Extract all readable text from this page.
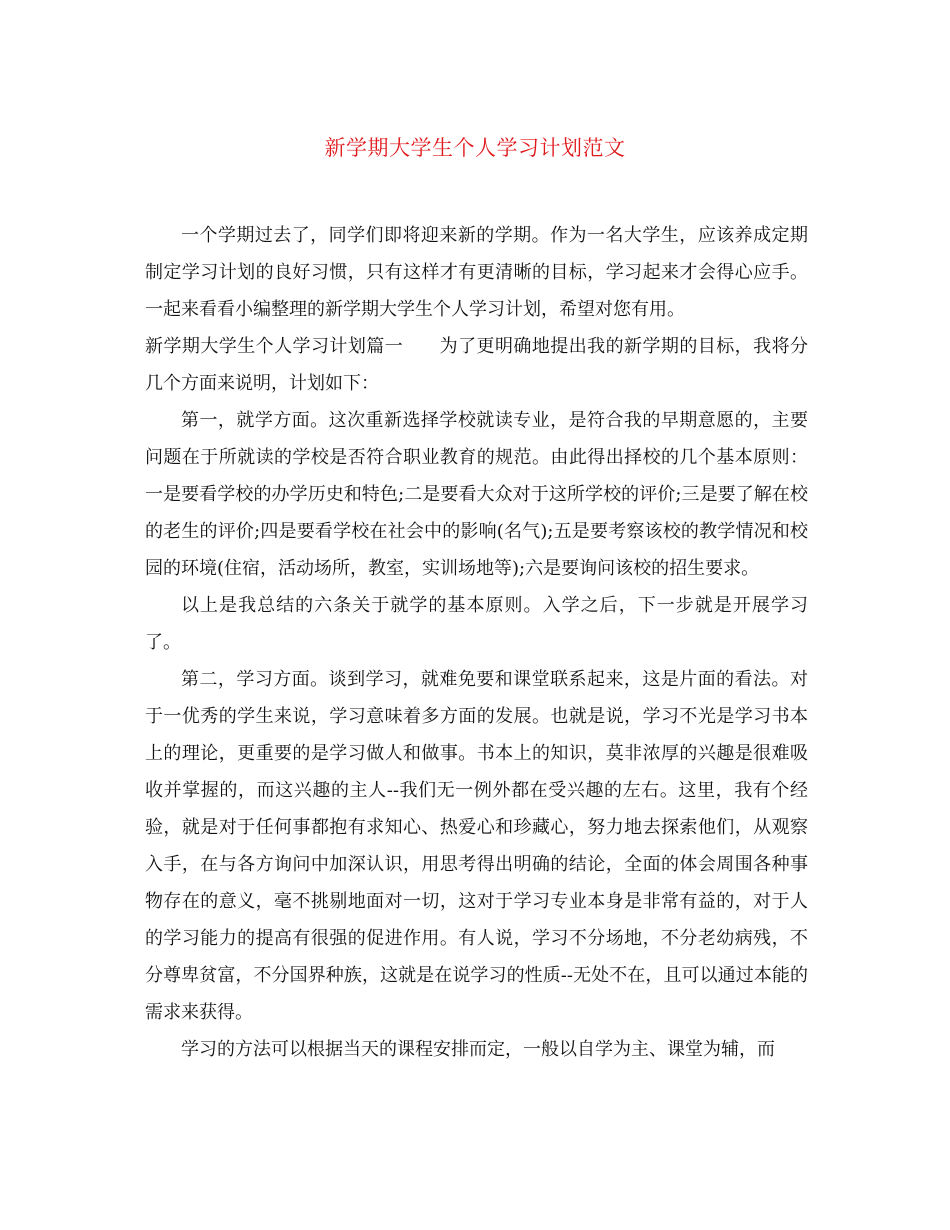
新学期大学生个人学习计划范文

一个学期过去了，同学们即将迎来新的学期。作为一名大学生，应该养成定期制定学习计划的良好习惯，只有这样才有更清晰的目标，学习起来才会得心应手。一起来看看小编整理的新学期大学生个人学习计划，希望对您有用。

新学期大学生个人学习计划篇一 为了更明确地提出我的新学期的目标，我将分几个方面来说明，计划如下：

第一，就学方面。这次重新选择学校就读专业，是符合我的早期意愿的，主要问题在于所就读的学校是否符合职业教育的规范。由此得出择校的几个基本原则：一是要看学校的办学历史和特色;二是要看大众对于这所学校的评价;三是要了解在校的老生的评价;四是要看学校在社会中的影响(名气);五是要考察该校的教学情况和校园的环境(住宿，活动场所，教室，实训场地等);六是要询问该校的招生要求。

以上是我总结的六条关于就学的基本原则。入学之后，下一步就是开展学习了。

第二，学习方面。谈到学习，就难免要和课堂联系起来，这是片面的看法。对于一优秀的学生来说，学习意味着多方面的发展。也就是说，学习不光是学习书本上的理论，更重要的是学习做人和做事。书本上的知识，莫非浓厚的兴趣是很难吸收并掌握的，而这兴趣的主人--我们无一例外都在受兴趣的左右。这里，我有个经验，就是对于任何事都抱有求知心、热爱心和珍藏心，努力地去探索他们，从观察入手，在与各方询问中加深认识，用思考得出明确的结论，全面的体会周围各种事物存在的意义，毫不挑剔地面对一切，这对于学习专业本身是非常有益的，对于人的学习能力的提高有很强的促进作用。有人说，学习不分场地，不分老幼病残，不分尊卑贫富，不分国界种族，这就是在说学习的性质--无处不在，且可以通过本能的需求来获得。

学习的方法可以根据当天的课程安排而定，一般以自学为主、课堂为辅，而
